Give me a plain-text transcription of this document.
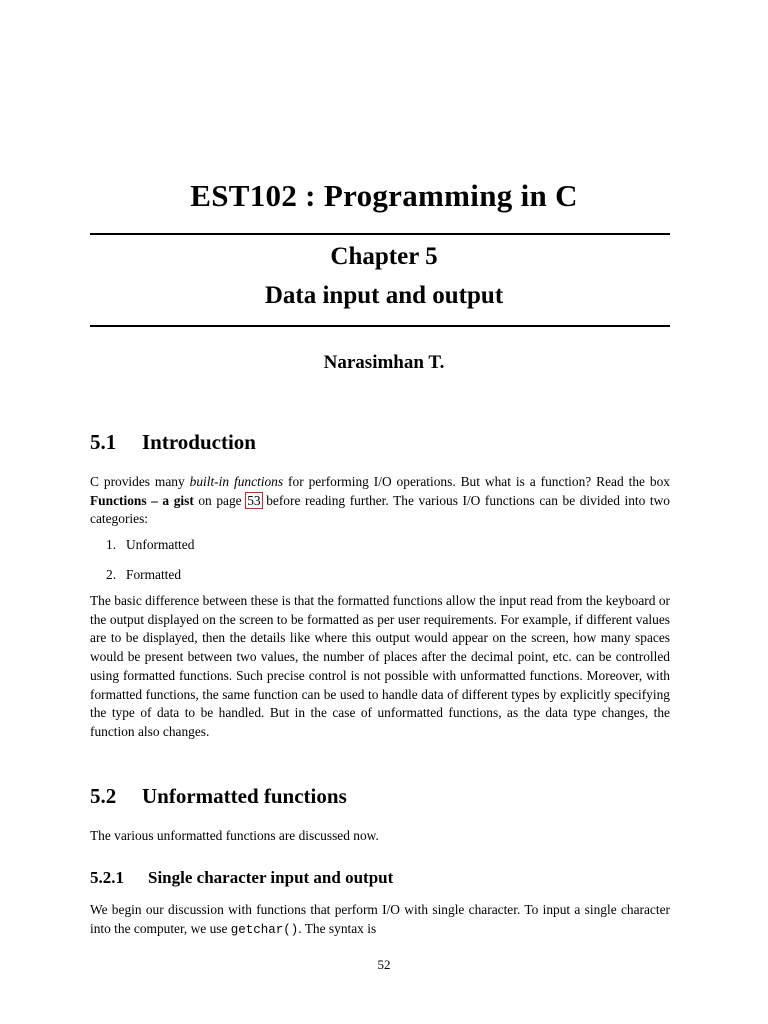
EST102 : Programming in C
Chapter 5
Data input and output
Narasimhan T.
5.1 Introduction
C provides many built-in functions for performing I/O operations. But what is a function? Read the box Functions – a gist on page 53 before reading further. The various I/O functions can be divided into two categories:
1. Unformatted
2. Formatted
The basic difference between these is that the formatted functions allow the input read from the keyboard or the output displayed on the screen to be formatted as per user requirements. For example, if different values are to be displayed, then the details like where this output would appear on the screen, how many spaces would be present between two values, the number of places after the decimal point, etc. can be controlled using formatted functions. Such precise control is not possible with unformatted functions. Moreover, with formatted functions, the same function can be used to handle data of different types by explicitly specifying the type of data to be handled. But in the case of unformatted functions, as the data type changes, the function also changes.
5.2 Unformatted functions
The various unformatted functions are discussed now.
5.2.1 Single character input and output
We begin our discussion with functions that perform I/O with single character. To input a single character into the computer, we use getchar(). The syntax is
52
